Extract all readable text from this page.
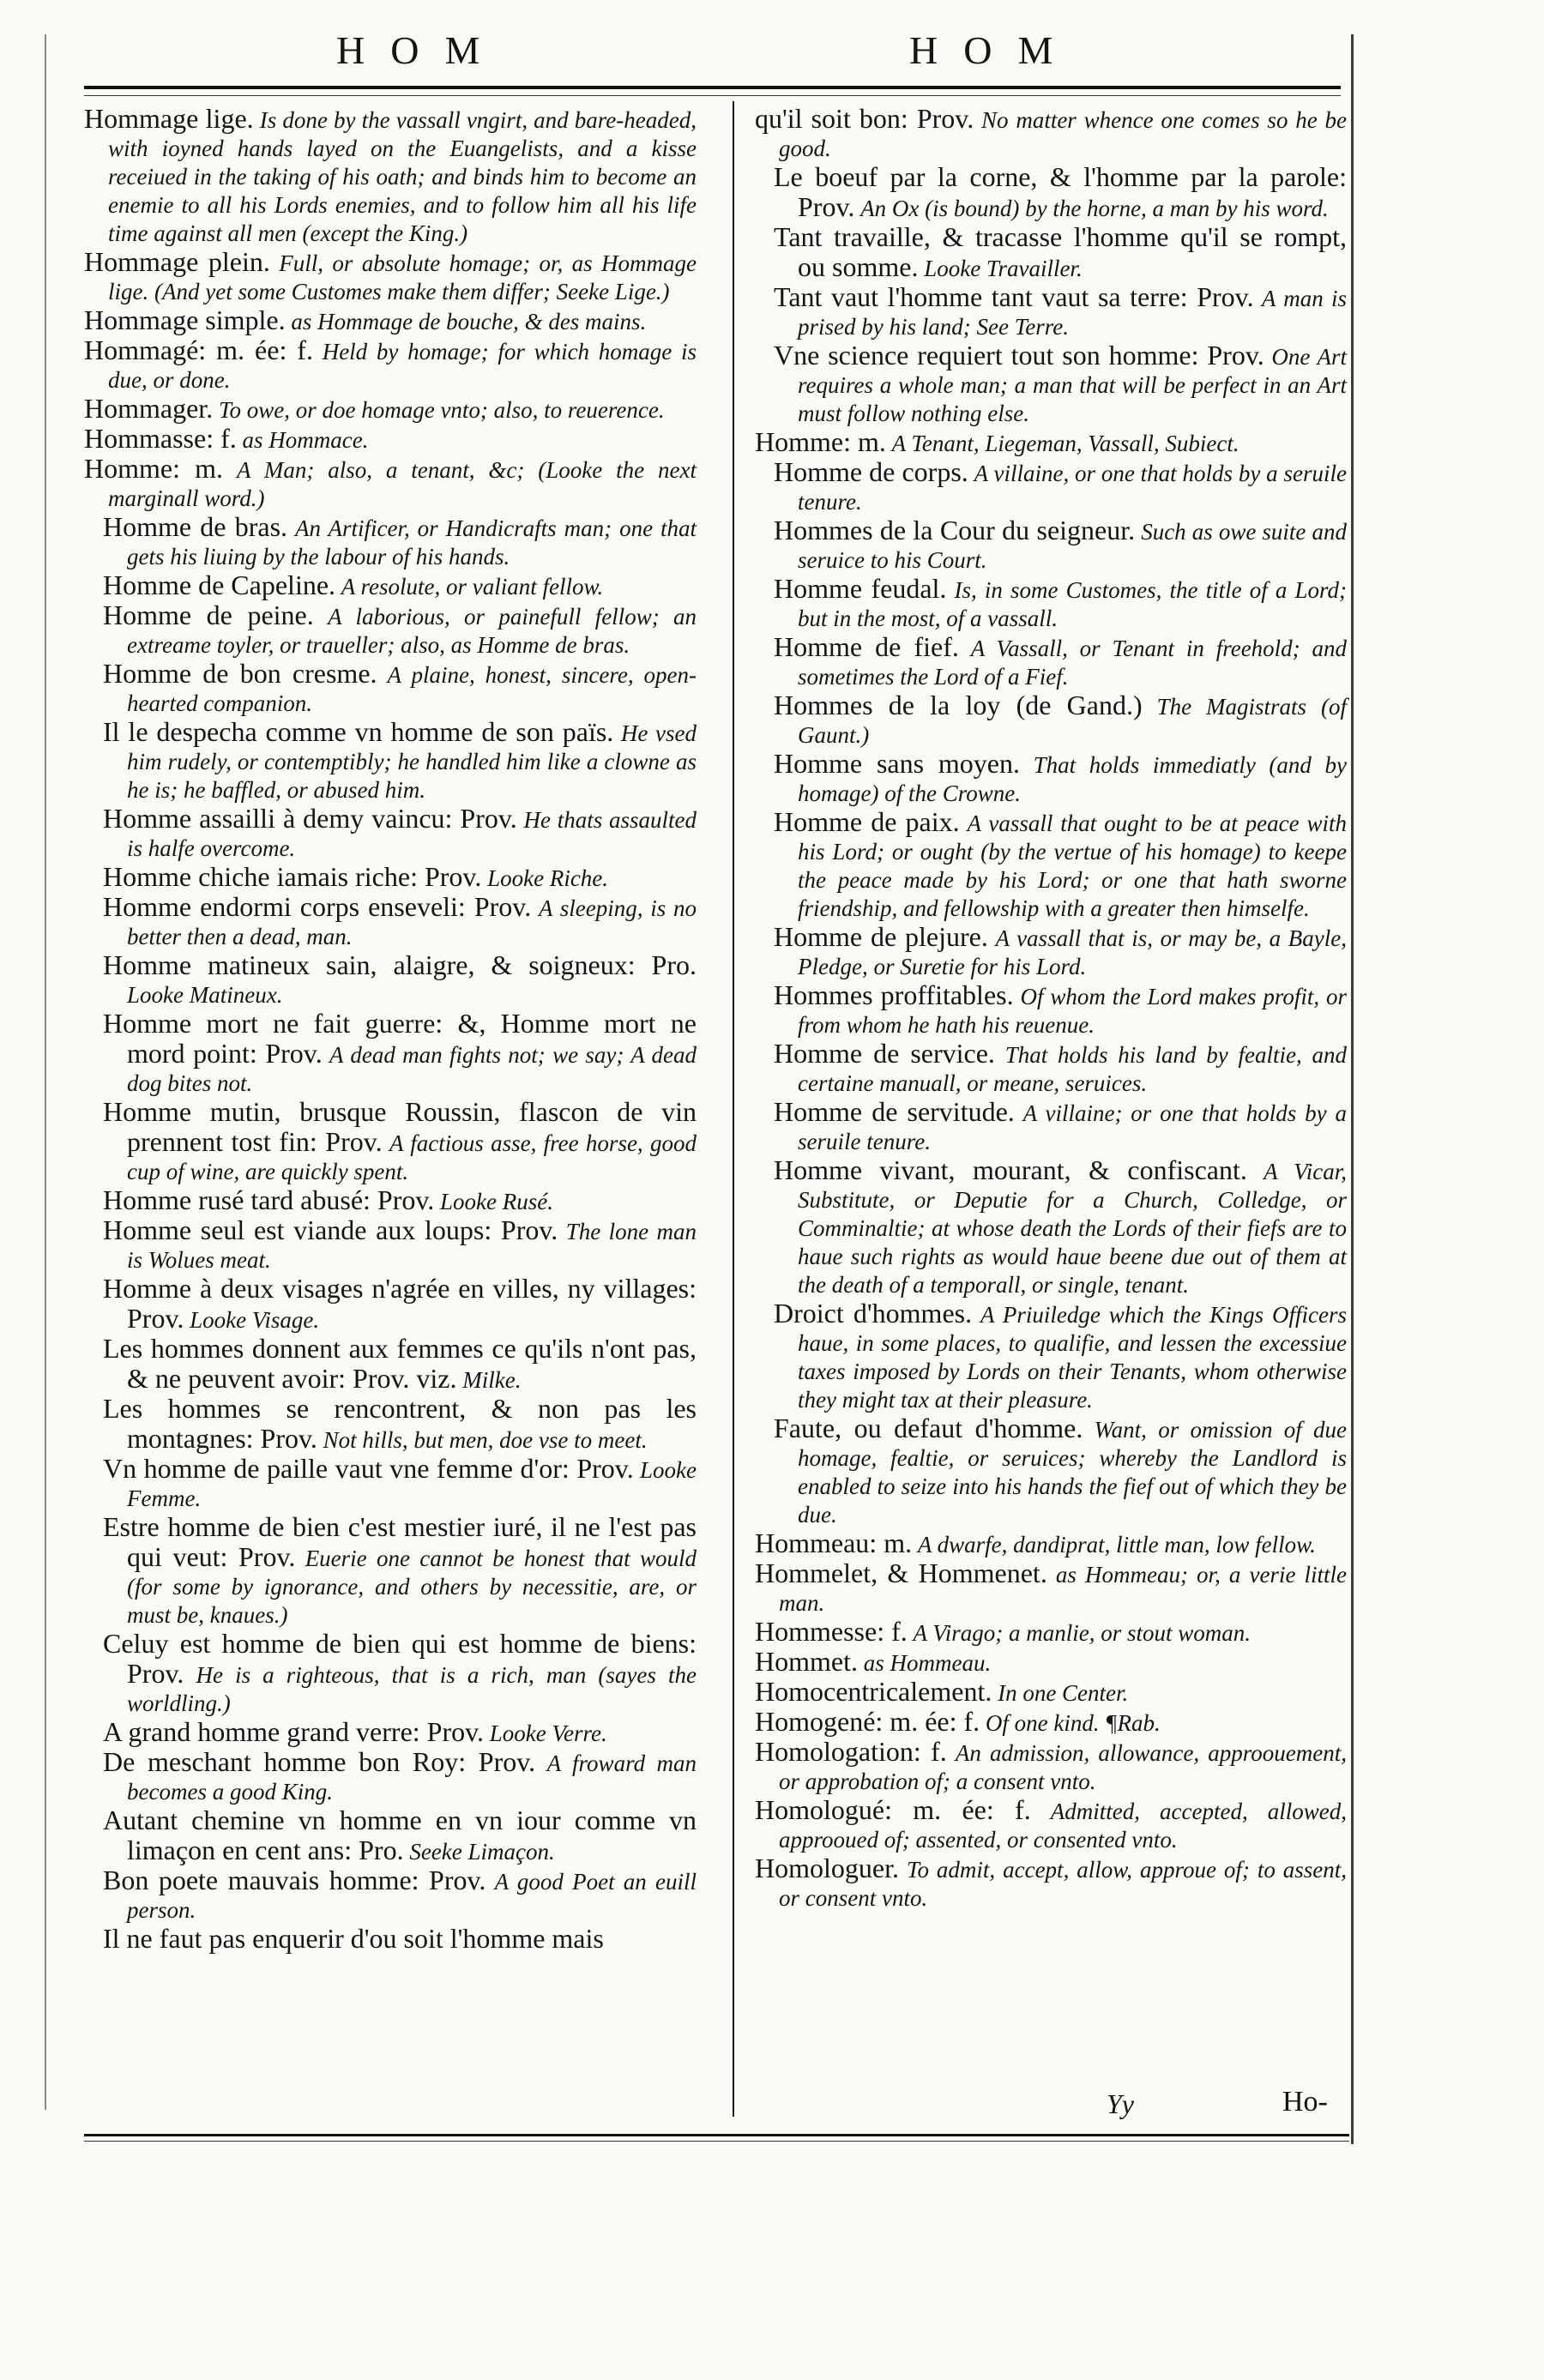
HOM	HOM

Hommage lige. Is done by the vassall vngirt, and bare-headed, with ioyned hands layed on the Euangelists, and a kisse receiued in the taking of his oath; and binds him to become an enemie to all his Lords enemies, and to follow him all his life time against all men (except the King.)

Hommage plein. Full, or absolute homage; or, as Hommage lige. (And yet some Customes make them differ; Seeke Lige.)

Hommage simple. as Hommage de bouche, & des mains.

Hommagé: m. ée: f. Held by homage; for which homage is due, or done.

Hommager. To owe, or doe homage vnto; also, to reuerence.

Hommasse: f. as Hommace.

Homme: m. A Man; also, a tenant, &c; (Looke the next marginall word.)

Homme de bras. An Artificer, or Handicrafts man; one that gets his liuing by the labour of his hands.

Homme de Capeline. A resolute, or valiant fellow.

Homme de peine. A laborious, or painefull fellow; an extreame toyler, or traueller; also, as Homme de bras.

Homme de bon cresme. A plaine, honest, sincere, open-hearted companion.

Il le despecha comme vn homme de son païs. He vsed him rudely, or contemptibly; he handled him like a clowne as he is; he baffled, or abused him.

Homme assailli à demy vaincu: Prov. He thats assaulted is halfe overcome.

Homme chiche iamais riche: Prov. Looke Riche.

Homme endormi corps enseveli: Prov. A sleeping, is no better then a dead, man.

Homme matineux sain, alaigre, & soigneux: Pro. Looke Matineux.

Homme mort ne fait guerre: &, Homme mort ne mord point: Prov. A dead man fights not; we say; A dead dog bites not.

Homme mutin, brusque Roussin, flascon de vin prennent tost fin: Prov. A factious asse, free horse, good cup of wine, are quickly spent.

Homme rusé tard abusé: Prov. Looke Rusé.

Homme seul est viande aux loups: Prov. The lone man is Wolues meat.

Homme à deux visages n'agrée en villes, ny villages: Prov. Looke Visage.

Les hommes donnent aux femmes ce qu'ils n'ont pas, & ne peuvent avoir: Prov. viz. Milke.

Les hommes se rencontrent, & non pas les montagnes: Prov. Not hills, but men, doe vse to meet.

Vn homme de paille vaut vne femme d'or: Prov. Looke Femme.

Estre homme de bien c'est mestier iuré, il ne l'est pas qui veut: Prov. Euerie one cannot be honest that would (for some by ignorance, and others by necessitie, are, or must be, knaues.)

Celuy est homme de bien qui est homme de biens: Prov. He is a righteous, that is a rich, man (sayes the worldling.)

A grand homme grand verre: Prov. Looke Verre.

De meschant homme bon Roy: Prov. A froward man becomes a good King.

Autant chemine vn homme en vn iour comme vn limaçon en cent ans: Pro. Seeke Limaçon.

Bon poete mauvais homme: Prov. A good Poet an euill person.

Il ne faut pas enquerir d'ou soit l'homme mais

qu'il soit bon: Prov. No matter whence one comes so he be good.

Le boeuf par la corne, & l'homme par la parole: Prov. An Ox (is bound) by the horne, a man by his word.

Tant travaille, & tracasse l'homme qu'il se rompt, ou somme. Looke Travailler.

Tant vaut l'homme tant vaut sa terre: Prov. A man is prised by his land; See Terre.

Vne science requiert tout son homme: Prov. One Art requires a whole man; a man that will be perfect in an Art must follow nothing else.

Homme: m. A Tenant, Liegeman, Vassall, Subiect.

Homme de corps. A villaine, or one that holds by a seruile tenure.

Hommes de la Cour du seigneur. Such as owe suite and seruice to his Court.

Homme feudal. Is, in some Customes, the title of a Lord; but in the most, of a vassall.

Homme de fief. A Vassall, or Tenant in freehold; and sometimes the Lord of a Fief.

Hommes de la loy (de Gand.) The Magistrats (of Gaunt.)

Homme sans moyen. That holds immediatly (and by homage) of the Crowne.

Homme de paix. A vassall that ought to be at peace with his Lord; or ought (by the vertue of his homage) to keepe the peace made by his Lord; or one that hath sworne friendship, and fellowship with a greater then himselfe.

Homme de plejure. A vassall that is, or may be, a Bayle, Pledge, or Suretie for his Lord.

Hommes proffitables. Of whom the Lord makes profit, or from whom he hath his reuenue.

Homme de service. That holds his land by fealtie, and certaine manuall, or meane, seruices.

Homme de servitude. A villaine; or one that holds by a seruile tenure.

Homme vivant, mourant, & confiscant. A Vicar, Substitute, or Deputie for a Church, Colledge, or Comminaltie; at whose death the Lords of their fiefs are to haue such rights as would haue beene due out of them at the death of a temporall, or single, tenant.

Droict d'hommes. A Priuiledge which the Kings Officers haue, in some places, to qualifie, and lessen the excessiue taxes imposed by Lords on their Tenants, whom otherwise they might tax at their pleasure.

Faute, ou defaut d'homme. Want, or omission of due homage, fealtie, or seruices; whereby the Landlord is enabled to seize into his hands the fief out of which they be due.

Hommeau: m. A dwarfe, dandiprat, little man, low fellow.

Hommelet, & Hommenet. as Hommeau; or, a verie little man.

Hommesse: f. A Virago; a manlie, or stout woman.

Hommet. as Hommeau.

Homocentricalement. In one Center.

Homogené: m. ée: f. Of one kind. ¶Rab.

Homologation: f. An admission, allowance, approouement, or approbation of; a consent vnto.

Homologué: m. ée: f. Admitted, accepted, allowed, approoued of; assented, or consented vnto.

Homologuer. To admit, accept, allow, approue of; to assent, or consent vnto.

Yy	Ho-
